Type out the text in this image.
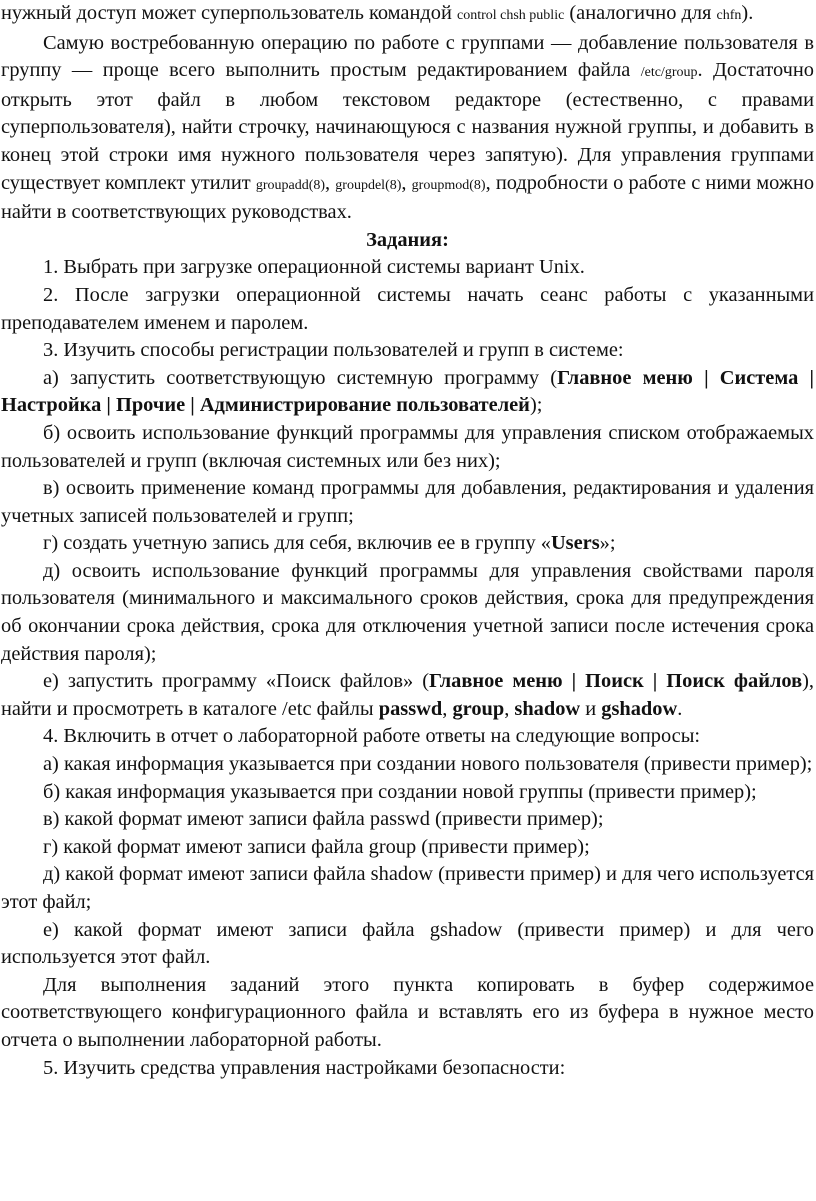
нужный доступ может суперпользователь командой control chsh public (аналогично для chfn).

Самую востребованную операцию по работе с группами — добавление пользователя в группу — проще всего выполнить простым редактированием файла /etc/group. Достаточно открыть этот файл в любом текстовом редакторе (естественно, с правами суперпользователя), найти строчку, начинающуюся с названия нужной группы, и добавить в конец этой строки имя нужного пользователя через запятую). Для управления группами существует комплект утилит groupadd(8), groupdel(8), groupmod(8), подробности о работе с ними можно найти в соответствующих руководствах.

Задания:

1. Выбрать при загрузке операционной системы вариант Unix.

2. После загрузки операционной системы начать сеанс работы с указанными преподавателем именем и паролем.

3. Изучить способы регистрации пользователей и групп в системе:

а) запустить соответствующую системную программу (Главное меню | Система | Настройка | Прочие | Администрирование пользователей);

б) освоить использование функций программы для управления списком отображаемых пользователей и групп (включая системных или без них);

в) освоить применение команд программы для добавления, редактирования и удаления учетных записей пользователей и групп;

г) создать учетную запись для себя, включив ее в группу «Users»;

д) освоить использование функций программы для управления свойствами пароля пользователя (минимального и максимального сроков действия, срока для предупреждения об окончании срока действия, срока для отключения учетной записи после истечения срока действия пароля);

е) запустить программу «Поиск файлов» (Главное меню | Поиск | Поиск файлов), найти и просмотреть в каталоге /etc файлы passwd, group, shadow и gshadow.

4. Включить в отчет о лабораторной работе ответы на следующие вопросы:

а) какая информация указывается при создании нового пользователя (привести пример);

б) какая информация указывается при создании новой группы (привести пример);

в) какой формат имеют записи файла passwd (привести пример);

г) какой формат имеют записи файла group (привести пример);

д) какой формат имеют записи файла shadow (привести пример) и для чего используется этот файл;

е) какой формат имеют записи файла gshadow (привести пример) и для чего используется этот файл.

Для выполнения заданий этого пункта копировать в буфер содержимое соответствующего конфигурационного файла и вставлять его из буфера в нужное место отчета о выполнении лабораторной работы.

5. Изучить средства управления настройками безопасности:
